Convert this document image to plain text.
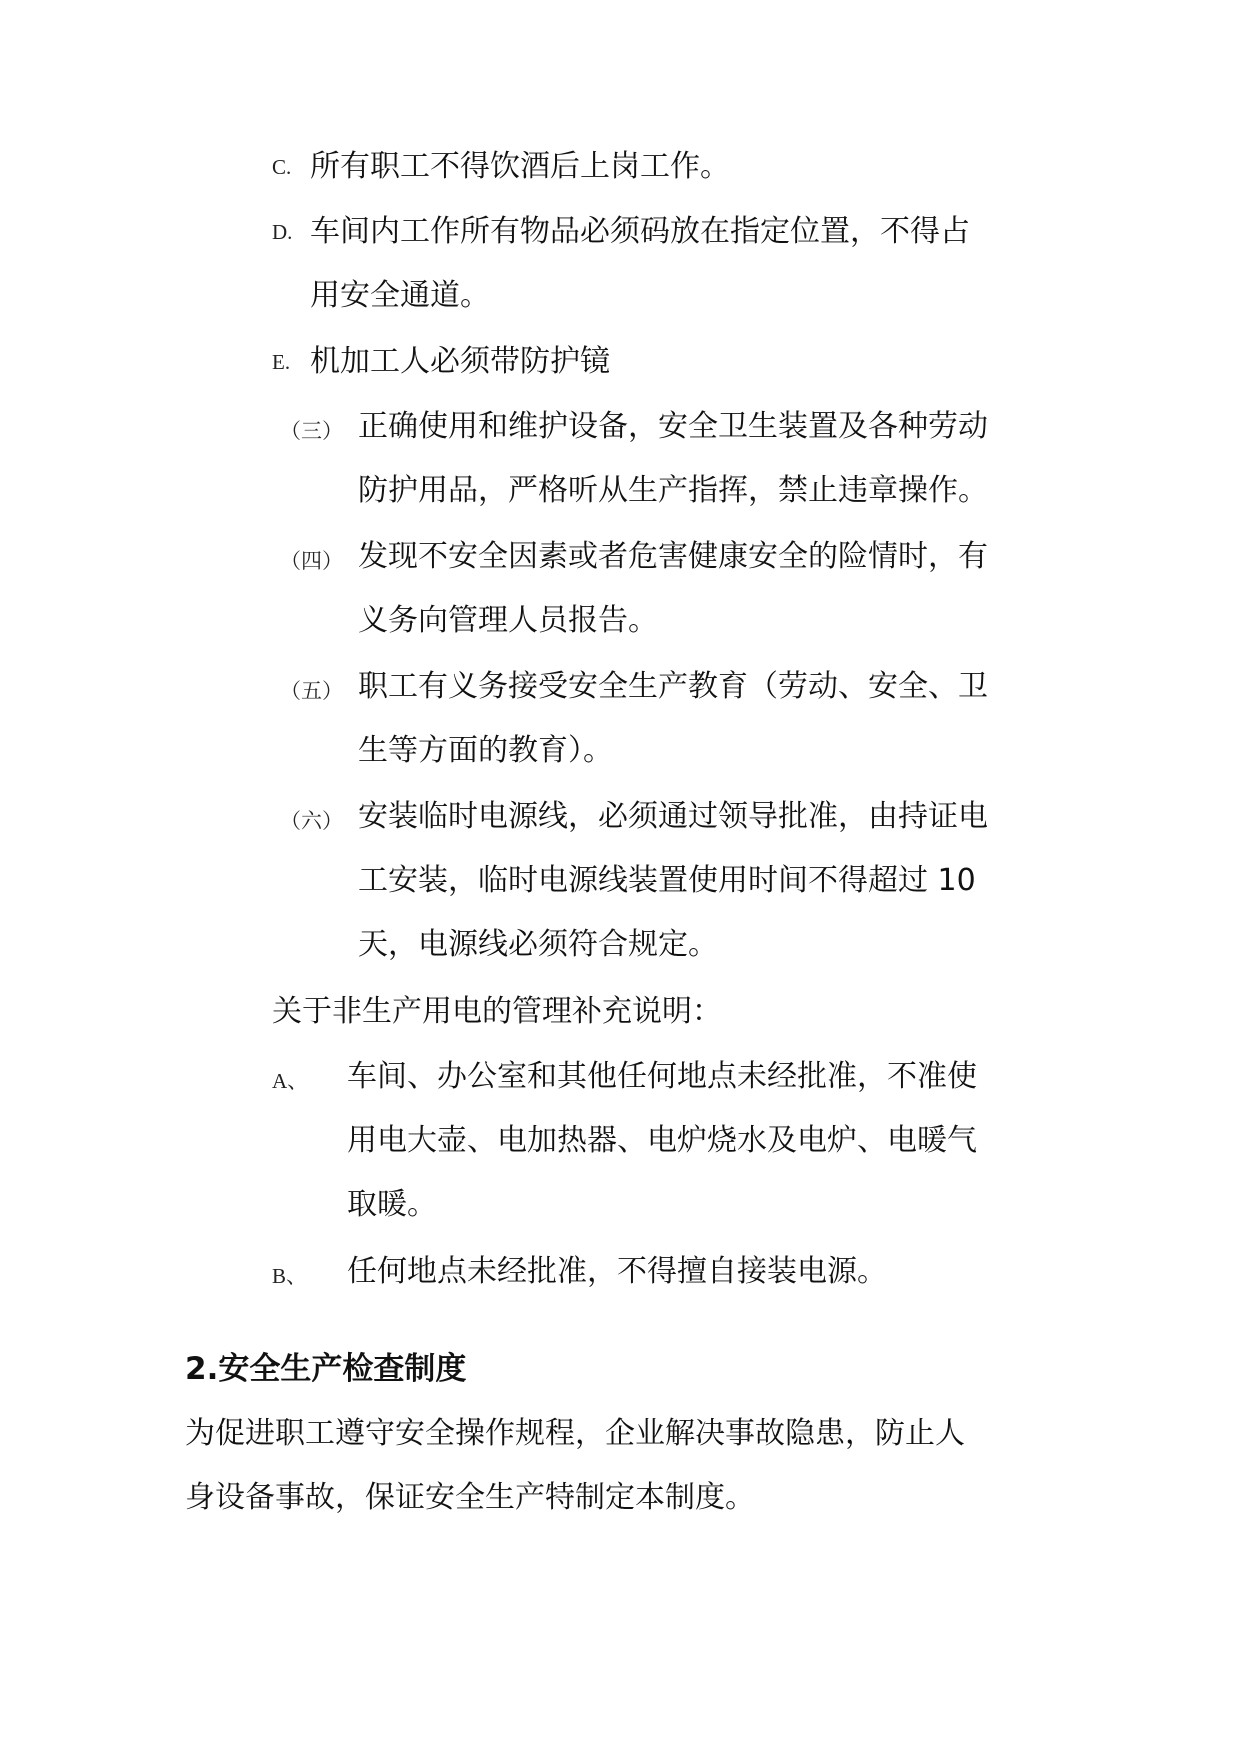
C. 所有职工不得饮酒后上岗工作。
D. 车间内工作所有物品必须码放在指定位置，不得占
用安全通道。
E. 机加工人必须带防护镜
（三） 正确使用和维护设备，安全卫生装置及各种劳动
防护用品，严格听从生产指挥，禁止违章操作。
（四） 发现不安全因素或者危害健康安全的险情时，有
义务向管理人员报告。
（五） 职工有义务接受安全生产教育（劳动、安全、卫
生等方面的教育）。
（六） 安装临时电源线，必须通过领导批准，由持证电
工安装，临时电源线装置使用时间不得超过 10
天，电源线必须符合规定。
关于非生产用电的管理补充说明：
A、 车间、办公室和其他任何地点未经批准，不准使
用电大壶、电加热器、电炉烧水及电炉、电暖气
取暖。
B、 任何地点未经批准，不得擅自接装电源。
2.安全生产检查制度
为促进职工遵守安全操作规程，企业解决事故隐患，防止人
身设备事故，保证安全生产特制定本制度。
